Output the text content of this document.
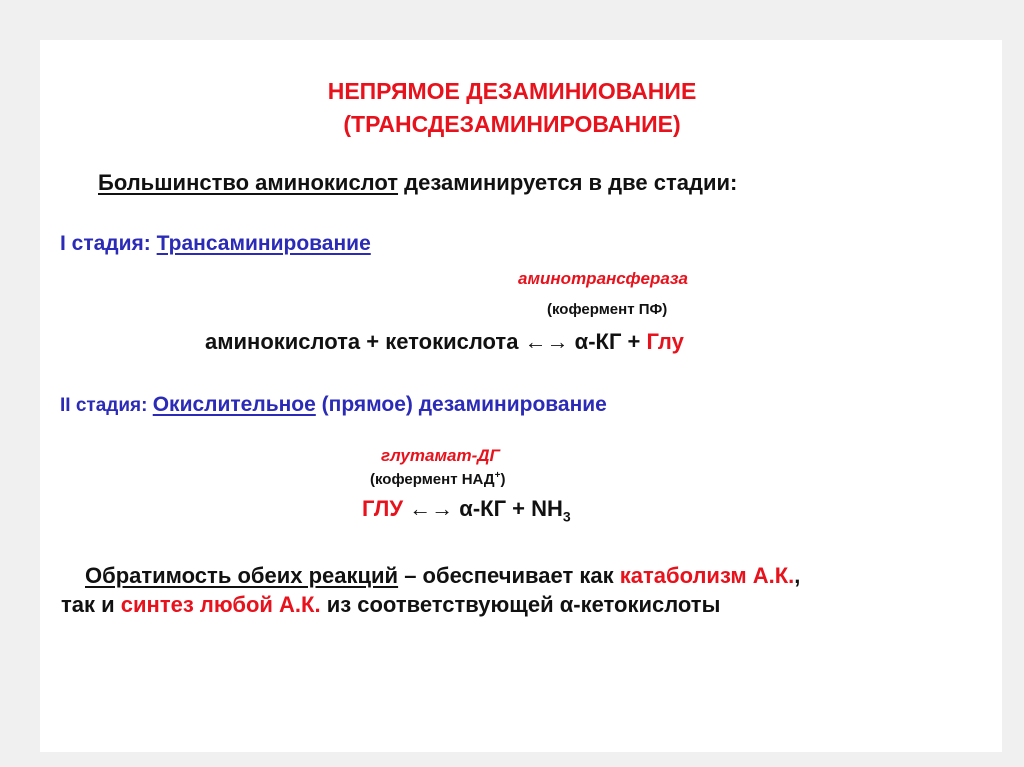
НЕПРЯМОЕ ДЕЗАМИНИОВАНИЕ
(ТРАНСДЕЗАМИНИРОВАНИЕ)
Большинство аминокислот дезаминируется в две стадии:
I стадия: Трансаминирование
аминотрансфераза
(кофермент ПФ)
аминокислота + кетокислота ←→ α-КГ + Глу
II стадия: Окислительное (прямое) дезаминирование
глутамат-ДГ
(кофермент НАД+)
ГЛУ ←→ $\alpha-КГ + NH_3$
Обратимость обеих реакций – обеспечивает как катаболизм А.К.,
так и синтез любой А.К. из соответствующей α-кетокислоты
